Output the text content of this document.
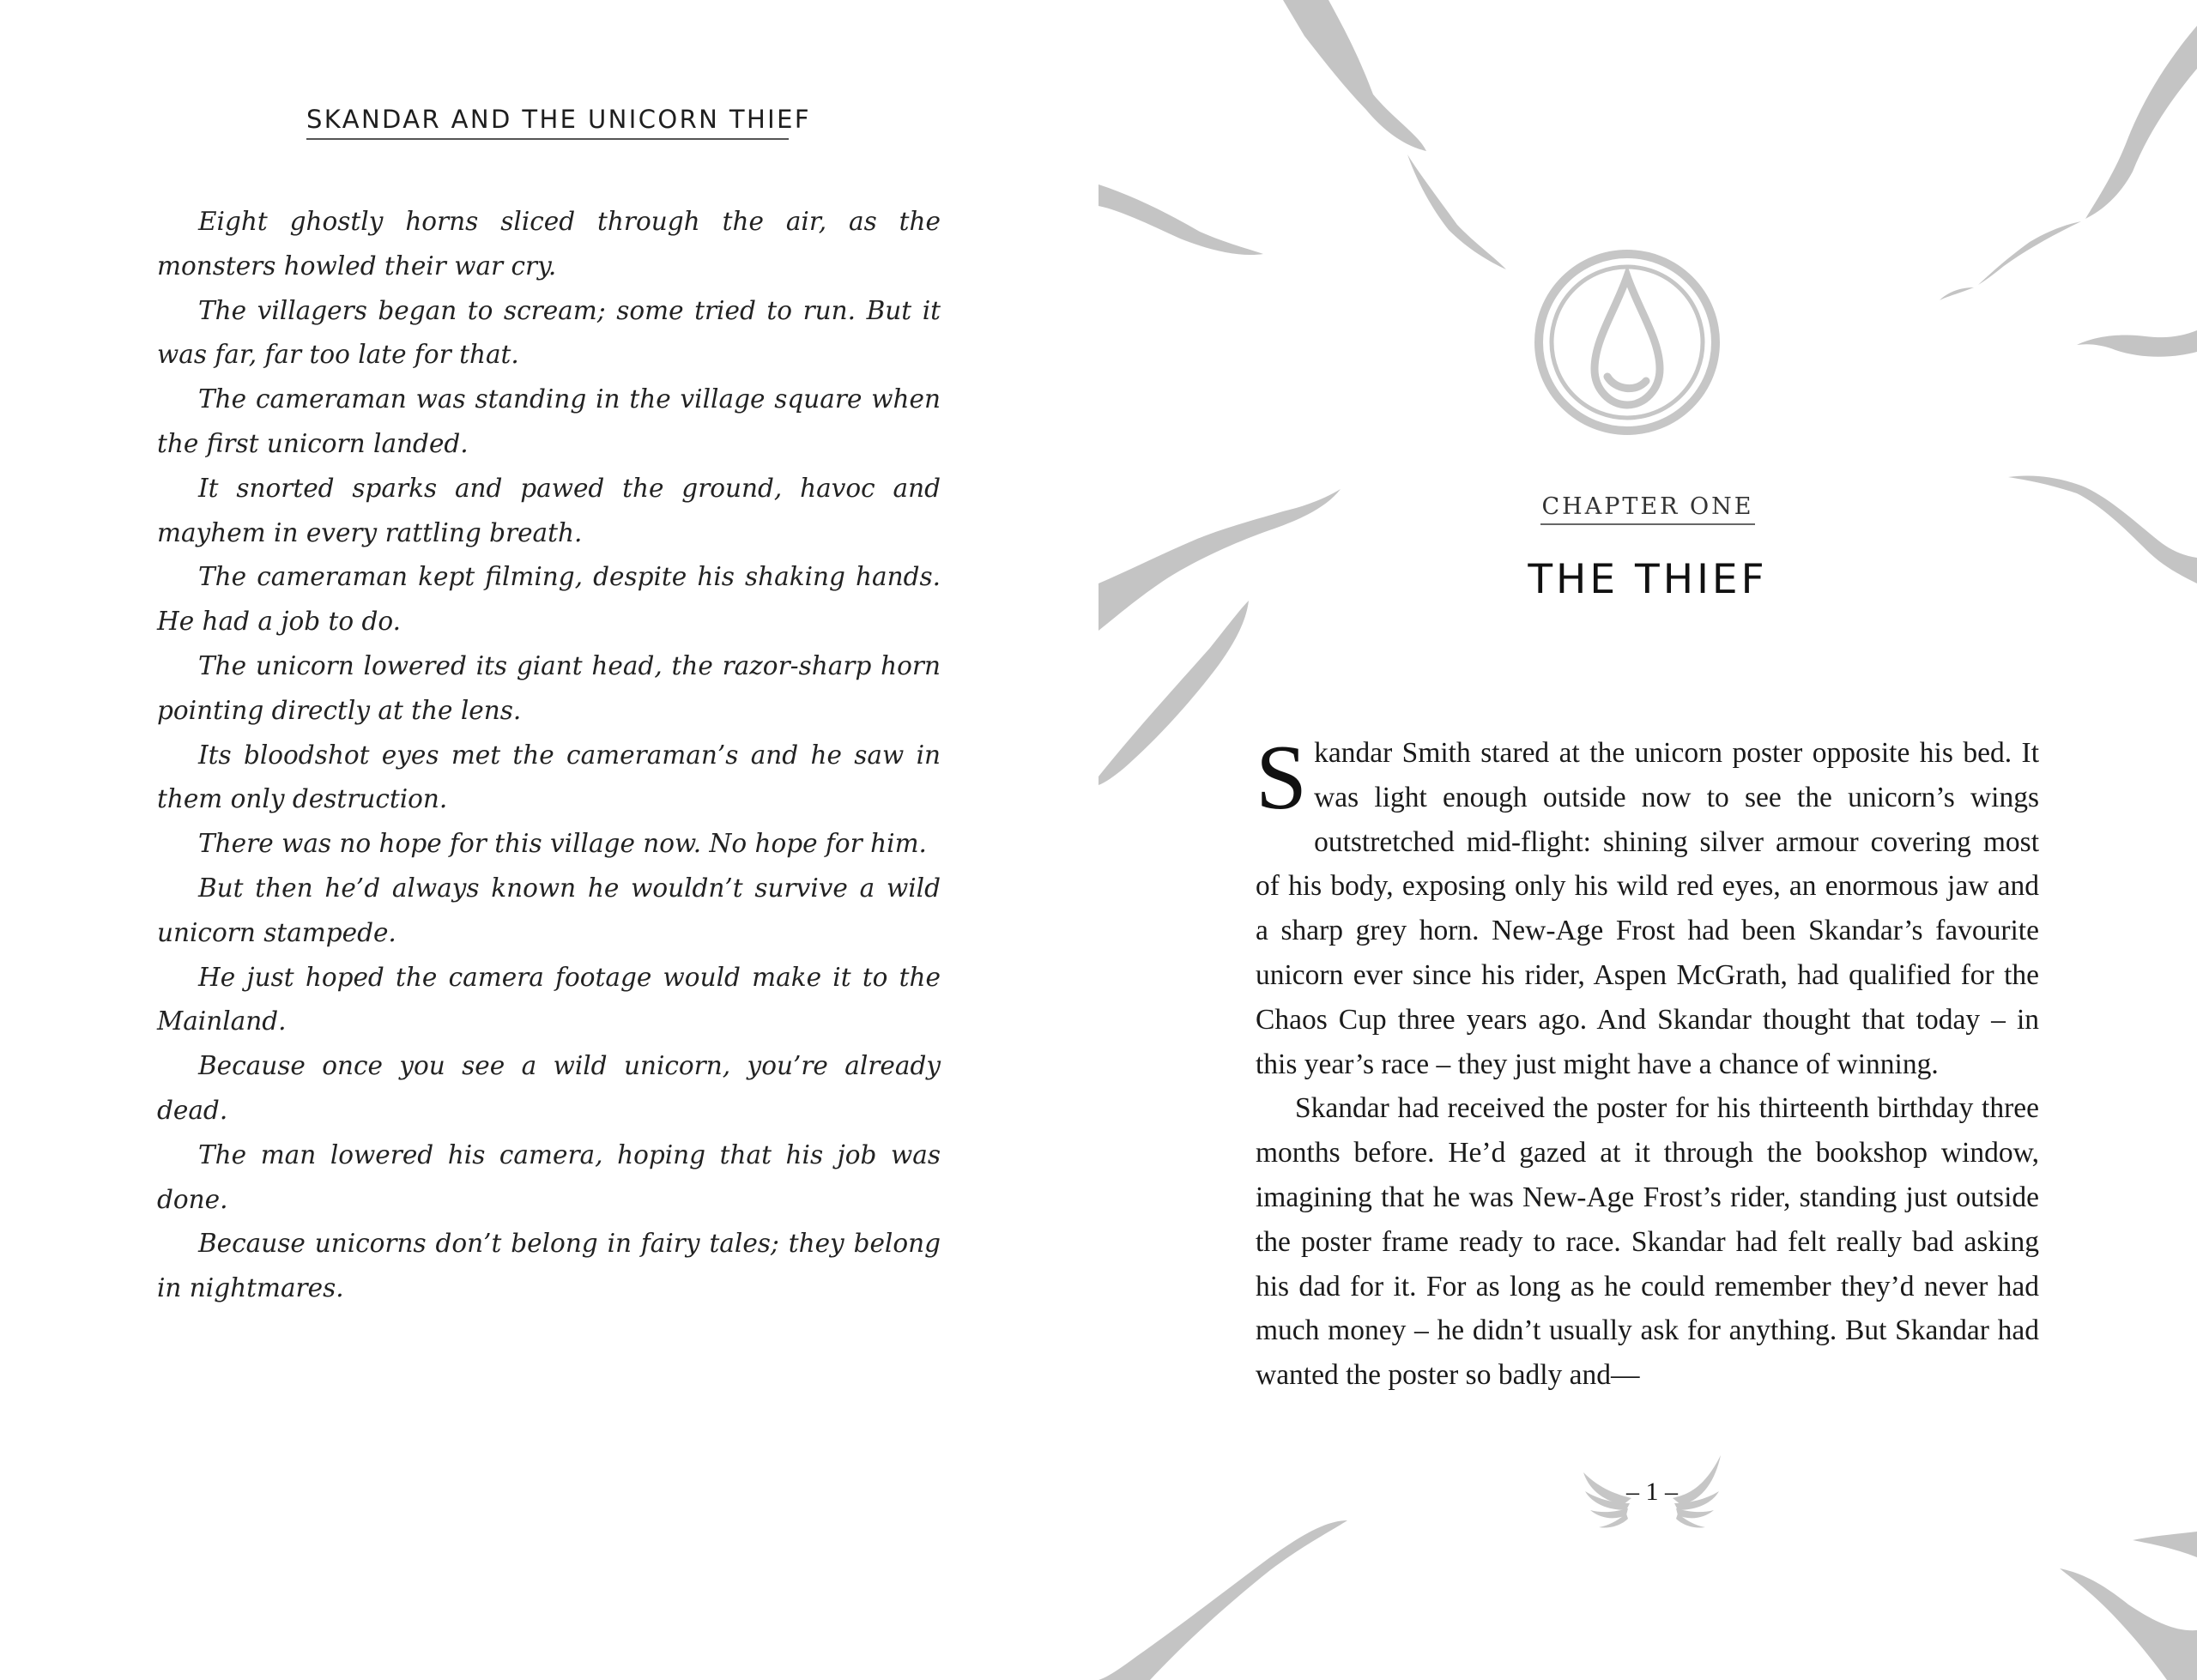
SKANDAR AND THE UNICORN THIEF

Eight ghostly horns sliced through the air, as the monsters howled their war cry.

The villagers began to scream; some tried to run. But it was far, far too late for that.

The cameraman was standing in the village square when the first unicorn landed.

It snorted sparks and pawed the ground, havoc and mayhem in every rattling breath.

The cameraman kept filming, despite his shaking hands. He had a job to do.

The unicorn lowered its giant head, the razor-sharp horn pointing directly at the lens.

Its bloodshot eyes met the cameraman’s and he saw in them only destruction.

There was no hope for this village now. No hope for him.

But then he’d always known he wouldn’t survive a wild unicorn stampede.

He just hoped the camera footage would make it to the Mainland.

Because once you see a wild unicorn, you’re already dead.

The man lowered his camera, hoping that his job was done.

Because unicorns don’t belong in fairy tales; they belong in nightmares.

CHAPTER ONE
THE THIEF

Skandar Smith stared at the unicorn poster opposite his bed. It was light enough outside now to see the unicorn’s wings outstretched mid-flight: shining silver armour covering most of his body, exposing only his wild red eyes, an enormous jaw and a sharp grey horn. New-Age Frost had been Skandar’s favourite unicorn ever since his rider, Aspen McGrath, had qualified for the Chaos Cup three years ago. And Skandar thought that today – in this year’s race – they just might have a chance of winning.

Skandar had received the poster for his thirteenth birthday three months before. He’d gazed at it through the bookshop window, imagining that he was New-Age Frost’s rider, standing just outside the poster frame ready to race. Skandar had felt really bad asking his dad for it. For as long as he could remember they’d never had much money – he didn’t usually ask for anything. But Skandar had wanted the poster so badly and—

– 1 –
